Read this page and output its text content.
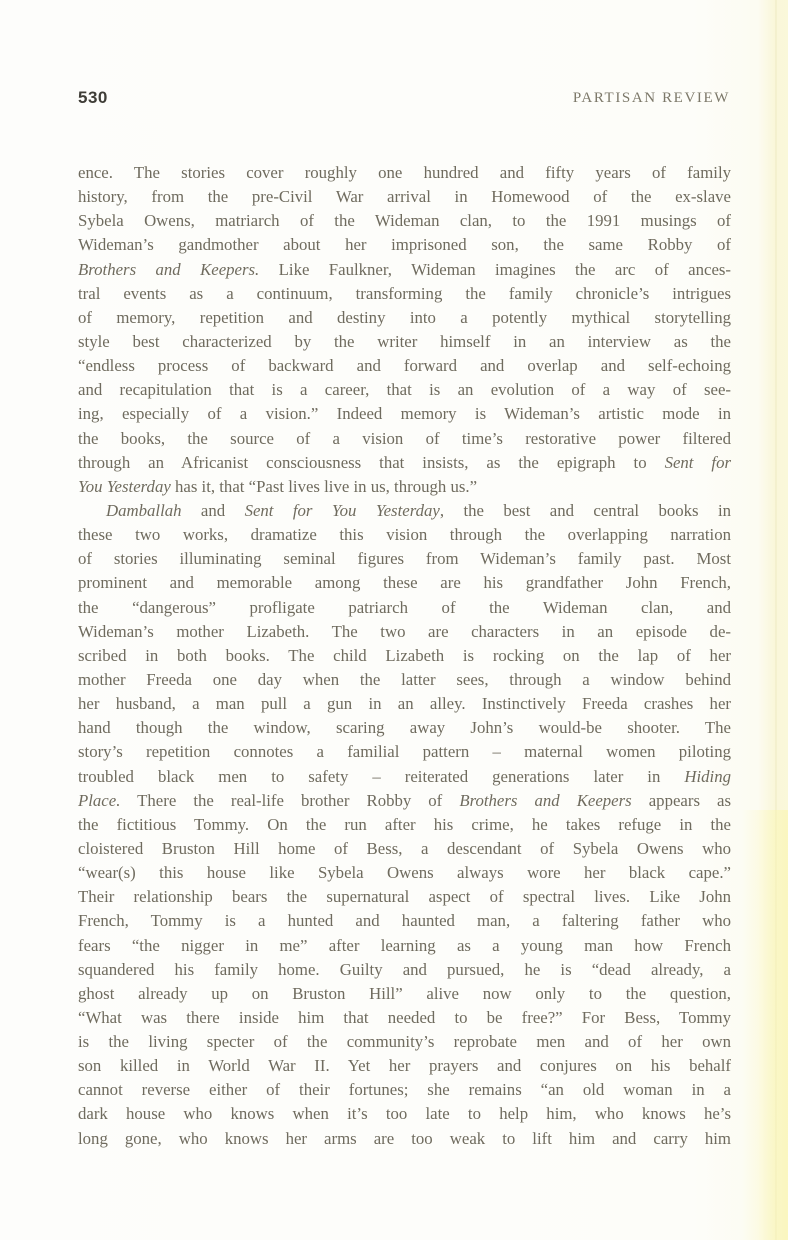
530	PARTISAN REVIEW
ence. The stories cover roughly one hundred and fifty years of family
history, from the pre-Civil War arrival in Homewood of the ex-slave
Sybela Owens, matriarch of the Wideman clan, to the 1991 musings of
Wideman’s gandmother about her imprisoned son, the same Robby of
Brothers and Keepers. Like Faulkner, Wideman imagines the arc of ances-
tral events as a continuum, transforming the family chronicle’s intrigues
of memory, repetition and destiny into a potently mythical storytelling
style best characterized by the writer himself in an interview as the
“endless process of backward and forward and overlap and self-echoing
and recapitulation that is a career, that is an evolution of a way of see-
ing, especially of a vision.” Indeed memory is Wideman’s artistic mode in
the books, the source of a vision of time’s restorative power filtered
through an Africanist consciousness that insists, as the epigraph to Sent for
You Yesterday has it, that “Past lives live in us, through us.”
Damballah and Sent for You Yesterday, the best and central books in
these two works, dramatize this vision through the overlapping narration
of stories illuminating seminal figures from Wideman’s family past. Most
prominent and memorable among these are his grandfather John French,
the “dangerous” profligate patriarch of the Wideman clan, and
Wideman’s mother Lizabeth. The two are characters in an episode de-
scribed in both books. The child Lizabeth is rocking on the lap of her
mother Freeda one day when the latter sees, through a window behind
her husband, a man pull a gun in an alley. Instinctively Freeda crashes her
hand though the window, scaring away John’s would-be shooter. The
story’s repetition connotes a familial pattern – maternal women piloting
troubled black men to safety – reiterated generations later in Hiding
Place. There the real-life brother Robby of Brothers and Keepers appears as
the fictitious Tommy. On the run after his crime, he takes refuge in the
cloistered Bruston Hill home of Bess, a descendant of Sybela Owens who
“wear(s) this house like Sybela Owens always wore her black cape.”
Their relationship bears the supernatural aspect of spectral lives. Like John
French, Tommy is a hunted and haunted man, a faltering father who
fears “the nigger in me” after learning as a young man how French
squandered his family home. Guilty and pursued, he is “dead already, a
ghost already up on Bruston Hill” alive now only to the question,
“What was there inside him that needed to be free?” For Bess, Tommy
is the living specter of the community’s reprobate men and of her own
son killed in World War II. Yet her prayers and conjures on his behalf
cannot reverse either of their fortunes; she remains “an old woman in a
dark house who knows when it’s too late to help him, who knows he’s
long gone, who knows her arms are too weak to lift him and carry him
